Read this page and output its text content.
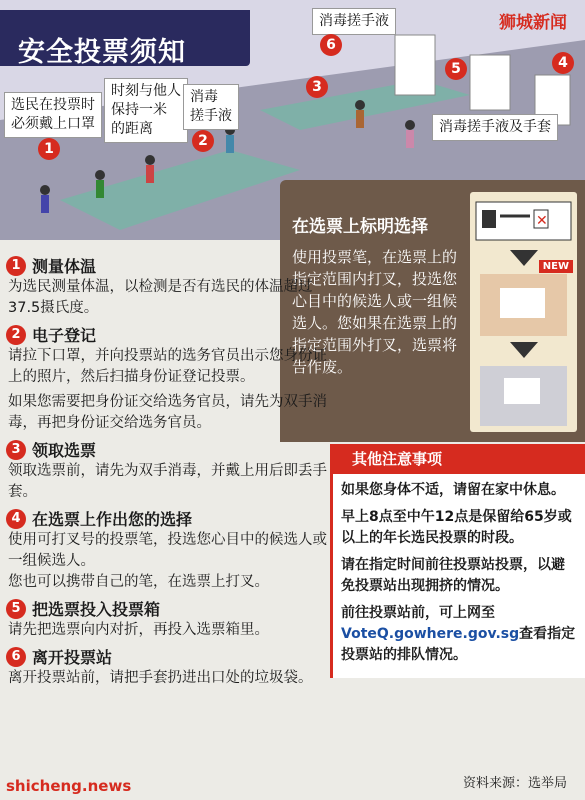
安全投票须知
狮城新闻
选民在投票时
必须戴上口罩
时刻与他人
保持一米
的距离
消毒
搓手液
消毒搓手液
消毒搓手液及手套
1	2
3
4
5
6
在选票上标明选择
使用投票笔，在选票上的指定范围内打叉，投选您心目中的候选人或一组候选人。您如果在选票上的指定范围外打叉，选票将告作废。
✕
NEW
1 测量体温
为选民测量体温，以检测是否有选民的体温超过37.5摄氏度。
2 电子登记
请拉下口罩，并向投票站的选务官员出示您身份证上的照片，然后扫描身份证登记投票。
如果您需要把身份证交给选务官员，请先为双手消毒，再把身份证交给选务官员。
3 领取选票
领取选票前，请先为双手消毒，并戴上用后即丢手套。
4 在选票上作出您的选择
使用可打叉号的投票笔，投选您心目中的候选人或一组候选人。
您也可以携带自己的笔，在选票上打叉。
5 把选票投入投票箱
请先把选票向内对折，再投入选票箱里。
6 离开投票站
离开投票站前，请把手套扔进出口处的垃圾袋。
其他注意事项

如果您身体不适，请留在家中休息。

早上8点至中午12点是保留给65岁或以上的年长选民投票的时段。

请在指定时间前往投票站投票，以避免投票站出现拥挤的情况。

前往投票站前，可上网至VoteQ.gowhere.gov.sg查看指定投票站的排队情况。

资料来源：选举局
shicheng.news
